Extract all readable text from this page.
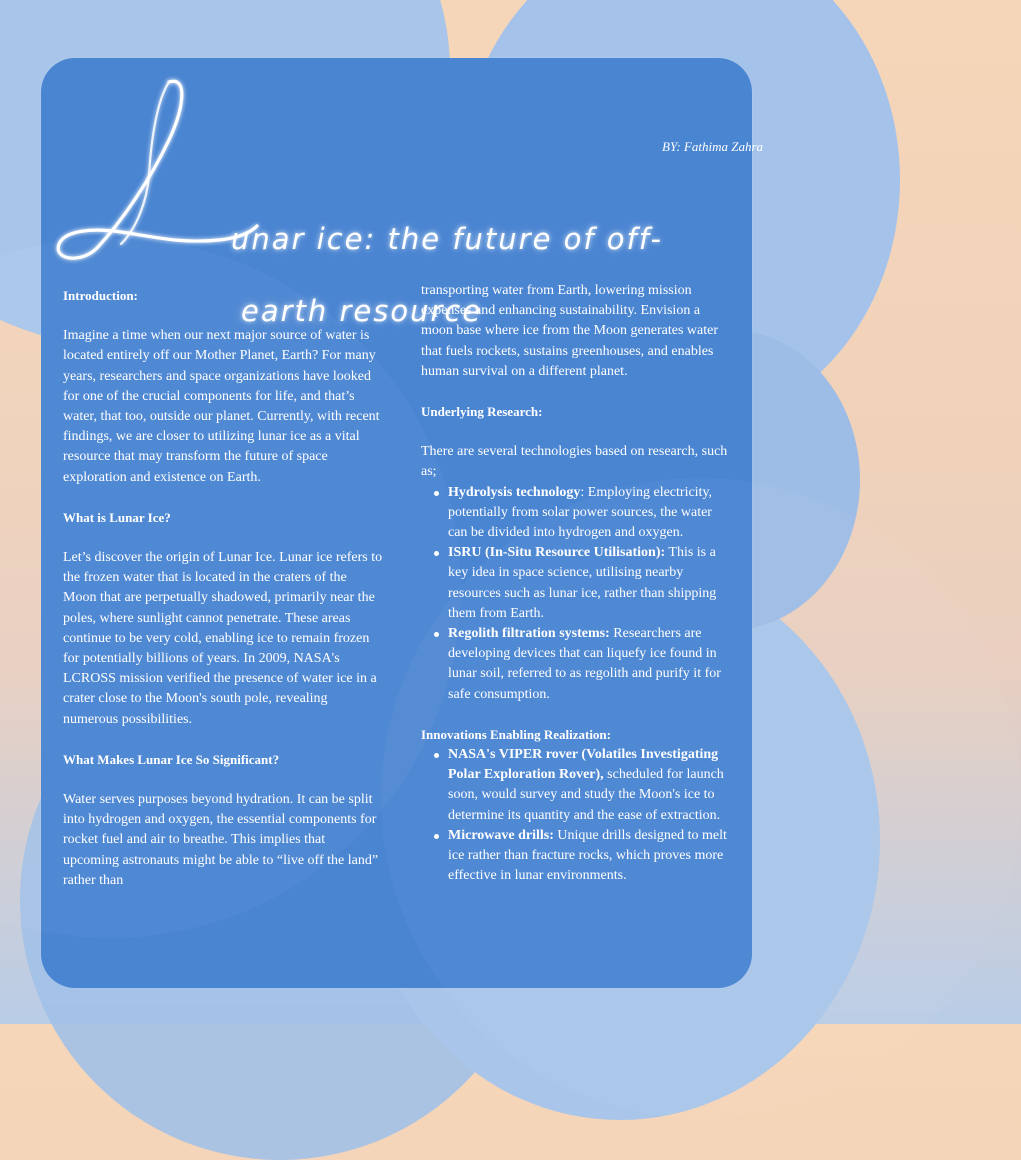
BY: Fathima Zahra
unar ice: the future of off-
earth resource

Introduction:

Imagine a time when our next major source of water is located entirely off our Mother Planet, Earth? For many years, researchers and space organizations have looked for one of the crucial components for life, and that’s water, that too, outside our planet. Currently, with recent findings, we are closer to utilizing lunar ice as a vital resource that may transform the future of space exploration and existence on Earth.

What is Lunar Ice?

Let’s discover the origin of Lunar Ice. Lunar ice refers to the frozen water that is located in the craters of the Moon that are perpetually shadowed, primarily near the poles, where sunlight cannot penetrate. These areas continue to be very cold, enabling ice to remain frozen for potentially billions of years. In 2009, NASA's LCROSS mission verified the presence of water ice in a crater close to the Moon's south pole, revealing numerous possibilities.

What Makes Lunar Ice So Significant?

Water serves purposes beyond hydration. It can be split into hydrogen and oxygen, the essential components for rocket fuel and air to breathe. This implies that upcoming astronauts might be able to “live off the land” rather than

transporting water from Earth, lowering mission expenses and enhancing sustainability. Envision a moon base where ice from the Moon generates water that fuels rockets, sustains greenhouses, and enables human survival on a different planet.

Underlying Research:

There are several technologies based on research, such as;

Hydrolysis technology: Employing electricity, potentially from solar power sources, the water can be divided into hydrogen and oxygen.
ISRU (In-Situ Resource Utilisation): This is a key idea in space science, utilising nearby resources such as lunar ice, rather than shipping them from Earth.
Regolith filtration systems: Researchers are developing devices that can liquefy ice found in lunar soil, referred to as regolith and purify it for safe consumption.

Innovations Enabling Realization:

NASA's VIPER rover (Volatiles Investigating Polar Exploration Rover), scheduled for launch soon, would survey and study the Moon's ice to determine its quantity and the ease of extraction.
Microwave drills: Unique drills designed to melt ice rather than fracture rocks, which proves more effective in lunar environments.
